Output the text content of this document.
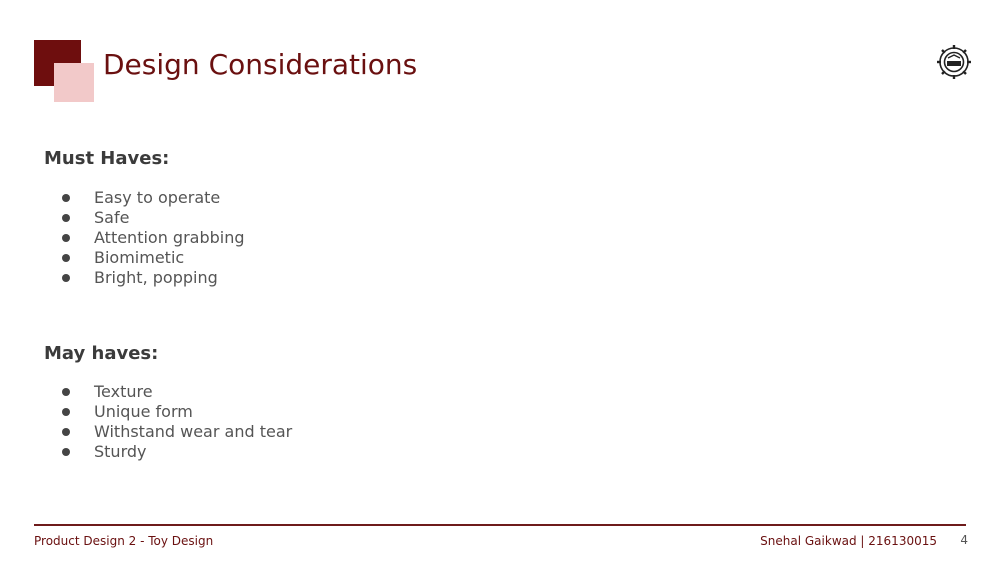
Design Considerations
Must Haves:
Easy to operate
Safe
Attention grabbing
Biomimetic
Bright, popping
May haves:
Texture
Unique form
Withstand wear and tear
Sturdy
Product Design 2 - Toy Design	Snehal Gaikwad | 216130015 4
